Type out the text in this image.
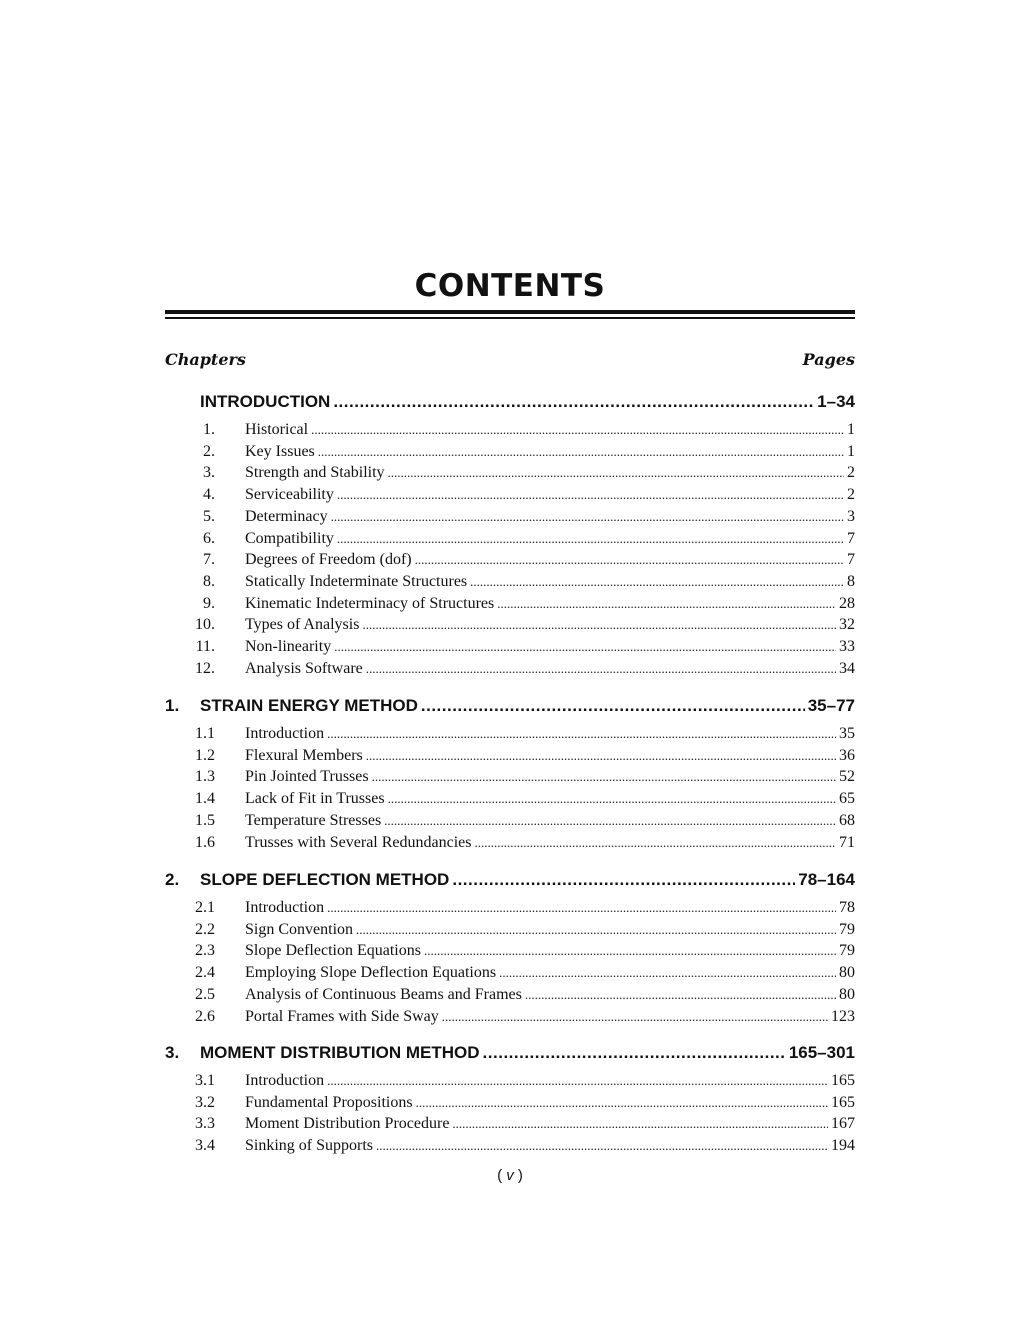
CONTENTS
Chapters	Pages
INTRODUCTION .....	1–34
1.	Historical .....	1
2.	Key Issues .....	1
3.	Strength and Stability .....	2
4.	Serviceability .....	2
5.	Determinacy .....	3
6.	Compatibility .....	7
7.	Degrees of Freedom (dof) .....	7
8.	Statically Indeterminate Structures .....	8
9.	Kinematic Indeterminacy of Structures .....	28
10.	Types of Analysis .....	32
11.	Non-linearity .....	33
12.	Analysis Software .....	34
1.	STRAIN ENERGY METHOD .....	35–77
1.1	Introduction .....	35
1.2	Flexural Members .....	36
1.3	Pin Jointed Trusses .....	52
1.4	Lack of Fit in Trusses .....	65
1.5	Temperature Stresses .....	68
1.6	Trusses with Several Redundancies .....	71
2.	SLOPE DEFLECTION METHOD .....	78–164
2.1	Introduction .....	78
2.2	Sign Convention .....	79
2.3	Slope Deflection Equations .....	79
2.4	Employing Slope Deflection Equations .....	80
2.5	Analysis of Continuous Beams and Frames .....	80
2.6	Portal Frames with Side Sway .....	123
3.	MOMENT DISTRIBUTION METHOD .....	165–301
3.1	Introduction .....	165
3.2	Fundamental Propositions .....	165
3.3	Moment Distribution Procedure .....	167
3.4	Sinking of Supports .....	194
( v )
